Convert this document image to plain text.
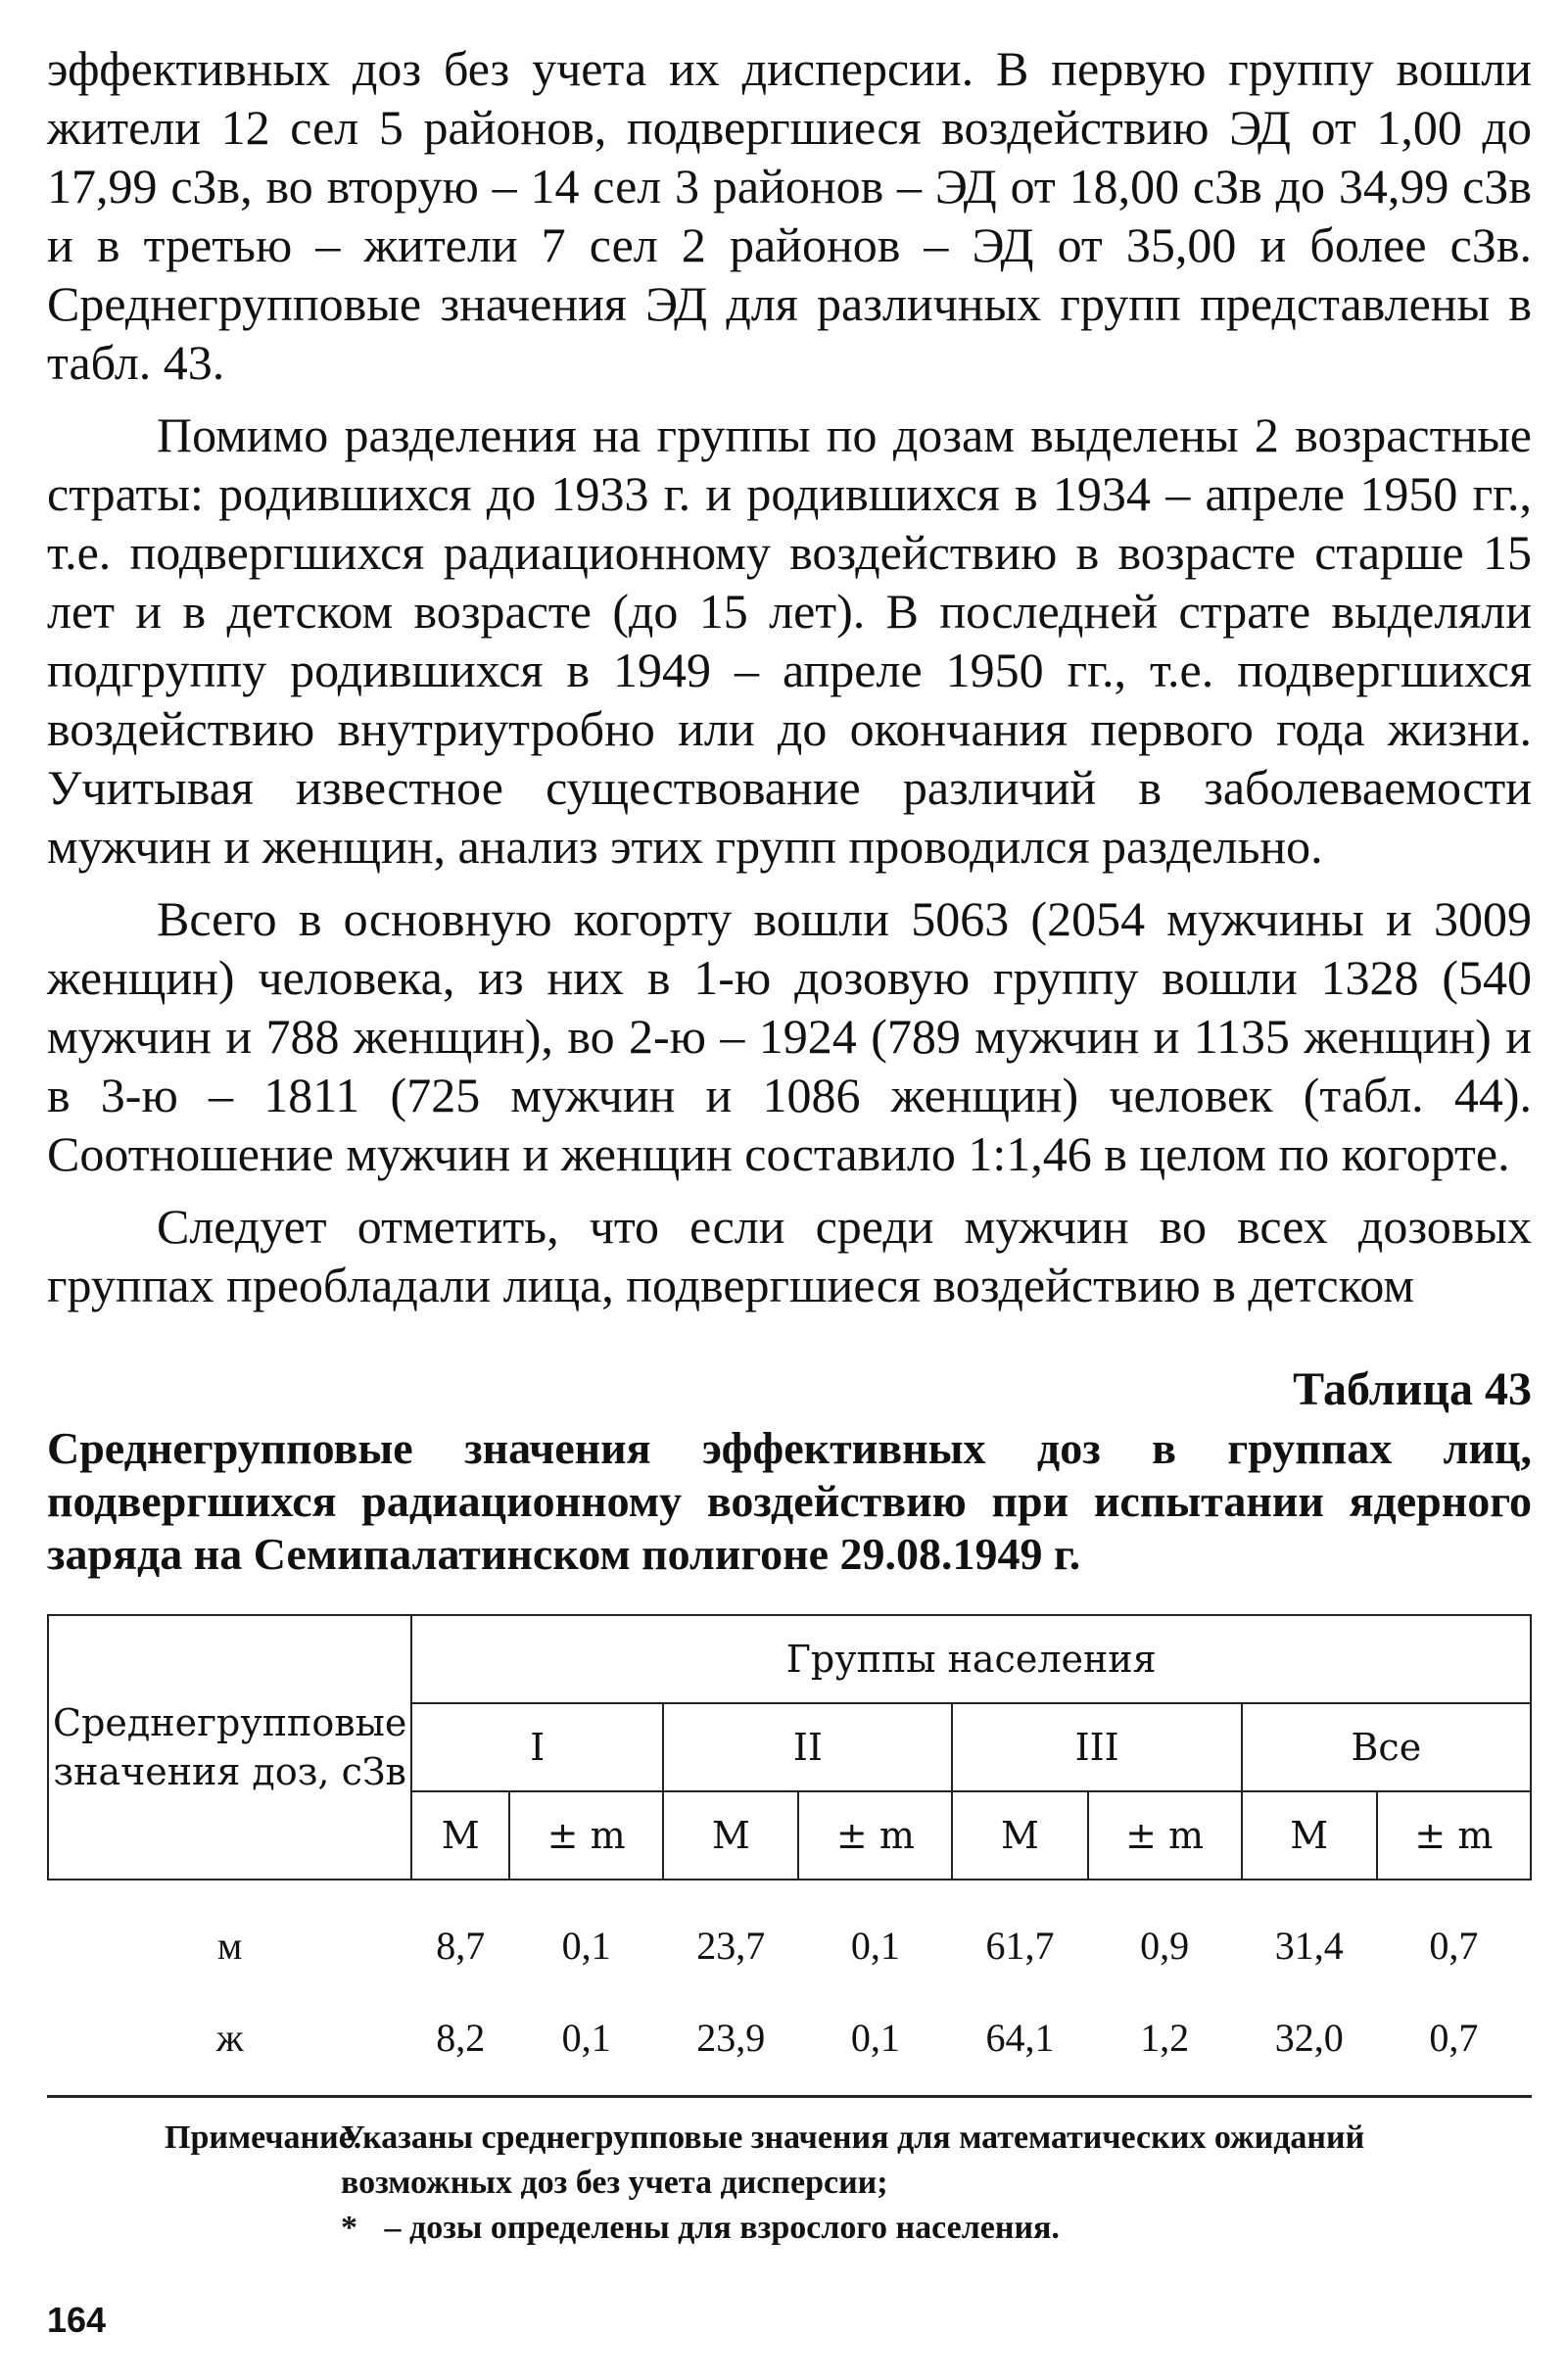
эффективных доз без учета их дисперсии. В первую группу вошли жители 12 сел 5 районов, подвергшиеся воздействию ЭД от 1,00 до 17,99 сЗв, во вторую – 14 сел 3 районов – ЭД от 18,00 сЗв до 34,99 сЗв и в третью – жители 7 сел 2 районов – ЭД от 35,00 и более сЗв. Среднегрупповые значения ЭД для различных групп представлены в табл. 43.

Помимо разделения на группы по дозам выделены 2 возрастные страты: родившихся до 1933 г. и родившихся в 1934 – апреле 1950 гг., т.е. подвергшихся радиационному воздействию в возрасте старше 15 лет и в детском возрасте (до 15 лет). В последней страте выделяли подгруппу родившихся в 1949 – апреле 1950 гг., т.е. подвергшихся воздействию внутриутробно или до окончания первого года жизни. Учитывая известное существование различий в заболеваемости мужчин и женщин, анализ этих групп проводился раздельно.

Всего в основную когорту вошли 5063 (2054 мужчины и 3009 женщин) человека, из них в 1-ю дозовую группу вошли 1328 (540 мужчин и 788 женщин), во 2-ю – 1924 (789 мужчин и 1135 женщин) и в 3-ю – 1811 (725 мужчин и 1086 женщин) человек (табл. 44). Соотношение мужчин и женщин составило 1:1,46 в целом по когорте.

Следует отметить, что если среди мужчин во всех дозовых группах преобладали лица, подвергшиеся воздействию в детском

Таблица 43
Среднегрупповые значения эффективных доз в группах лиц, подвергшихся радиационному воздействию при испытании ядерного заряда на Семипалатинском полигоне 29.08.1949 г.
Среднегрупповые значения доз, сЗв	Группы населения							
	I		II		III		Все	
	М	± m	М	± m	М	± m	М	± m
м	8,7	0,1	23,7	0,1	61,7	0,9	31,4	0,7
ж	8,2	0,1	23,9	0,1	64,1	1,2	32,0	0,7
Примечание.
Указаны среднегрупповые значения для математических ожиданий возможных доз без учета дисперсии;
* – дозы определены для взрослого населения.
164
